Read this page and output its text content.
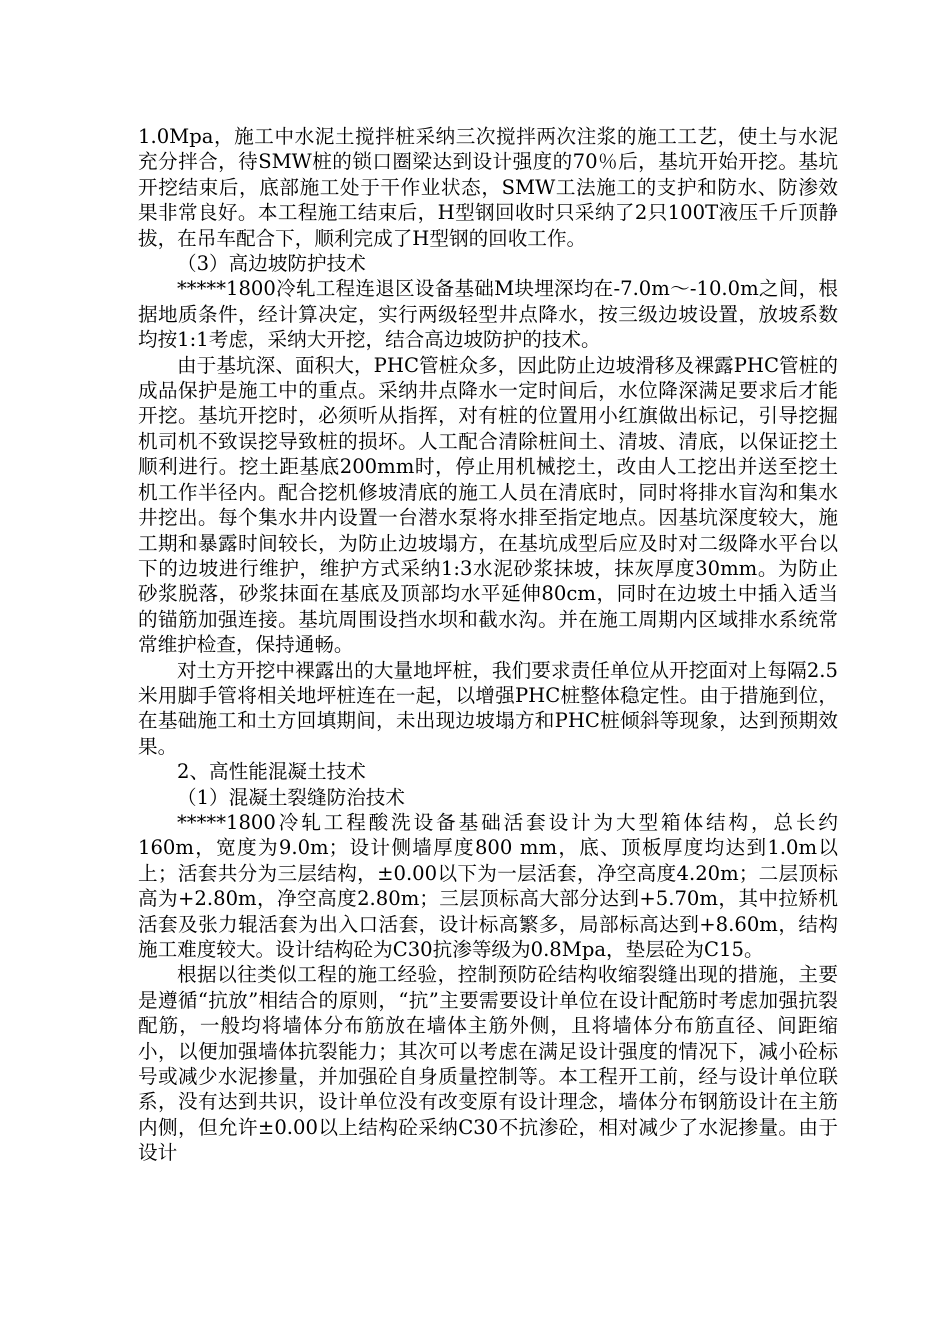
1.0Mpa，施工中水泥土搅拌桩采纳三次搅拌两次注浆的施工工艺，使土与水泥充分拌合，待SMW桩的锁口圈梁达到设计强度的70％后，基坑开始开挖。基坑开挖结束后，底部施工处于干作业状态，SMW工法施工的支护和防水、防渗效果非常良好。本工程施工结束后，H型钢回收时只采纳了2只100T液压千斤顶静拔，在吊车配合下，顺利完成了H型钢的回收工作。

（3）高边坡防护技术

*****1800冷轧工程连退区设备基础M块埋深均在-7.0m～-10.0m之间，根据地质条件，经计算决定，实行两级轻型井点降水，按三级边坡设置，放坡系数均按1:1考虑，采纳大开挖，结合高边坡防护的技术。

由于基坑深、面积大，PHC管桩众多，因此防止边坡滑移及裸露PHC管桩的成品保护是施工中的重点。采纳井点降水一定时间后，水位降深满足要求后才能开挖。基坑开挖时，必须听从指挥，对有桩的位置用小红旗做出标记，引导挖掘机司机不致误挖导致桩的损坏。人工配合清除桩间土、清坡、清底，以保证挖土顺利进行。挖土距基底200mm时，停止用机械挖土，改由人工挖出并送至挖土机工作半径内。配合挖机修坡清底的施工人员在清底时，同时将排水盲沟和集水井挖出。每个集水井内设置一台潜水泵将水排至指定地点。因基坑深度较大，施工期和暴露时间较长，为防止边坡塌方，在基坑成型后应及时对二级降水平台以下的边坡进行维护，维护方式采纳1:3水泥砂浆抹坡，抹灰厚度30mm。为防止砂浆脱落，砂浆抹面在基底及顶部均水平延伸80cm，同时在边坡土中插入适当的锚筋加强连接。基坑周围设挡水坝和截水沟。并在施工周期内区域排水系统常常维护检查，保持通畅。

对土方开挖中裸露出的大量地坪桩，我们要求责任单位从开挖面对上每隔2.5米用脚手管将相关地坪桩连在一起，以增强PHC桩整体稳定性。由于措施到位，在基础施工和土方回填期间，未出现边坡塌方和PHC桩倾斜等现象，达到预期效果。

2、高性能混凝土技术

（1）混凝土裂缝防治技术

*****1800冷轧工程酸洗设备基础活套设计为大型箱体结构，总长约160m，宽度为9.0m；设计侧墙厚度800 mm，底、顶板厚度均达到1.0m以上；活套共分为三层结构，±0.00以下为一层活套，净空高度4.20m；二层顶标高为+2.80m，净空高度2.80m；三层顶标高大部分达到+5.70m，其中拉矫机活套及张力辊活套为出入口活套，设计标高繁多，局部标高达到+8.60m，结构施工难度较大。设计结构砼为C30抗渗等级为0.8Mpa，垫层砼为C15。

根据以往类似工程的施工经验，控制预防砼结构收缩裂缝出现的措施，主要是遵循“抗放”相结合的原则，“抗”主要需要设计单位在设计配筋时考虑加强抗裂配筋，一般均将墙体分布筋放在墙体主筋外侧，且将墙体分布筋直径、间距缩小，以便加强墙体抗裂能力；其次可以考虑在满足设计强度的情况下，减小砼标号或减少水泥掺量，并加强砼自身质量控制等。本工程开工前，经与设计单位联系，没有达到共识，设计单位没有改变原有设计理念，墙体分布钢筋设计在主筋内侧，但允许±0.00以上结构砼采纳C30不抗渗砼，相对减少了水泥掺量。由于设计
